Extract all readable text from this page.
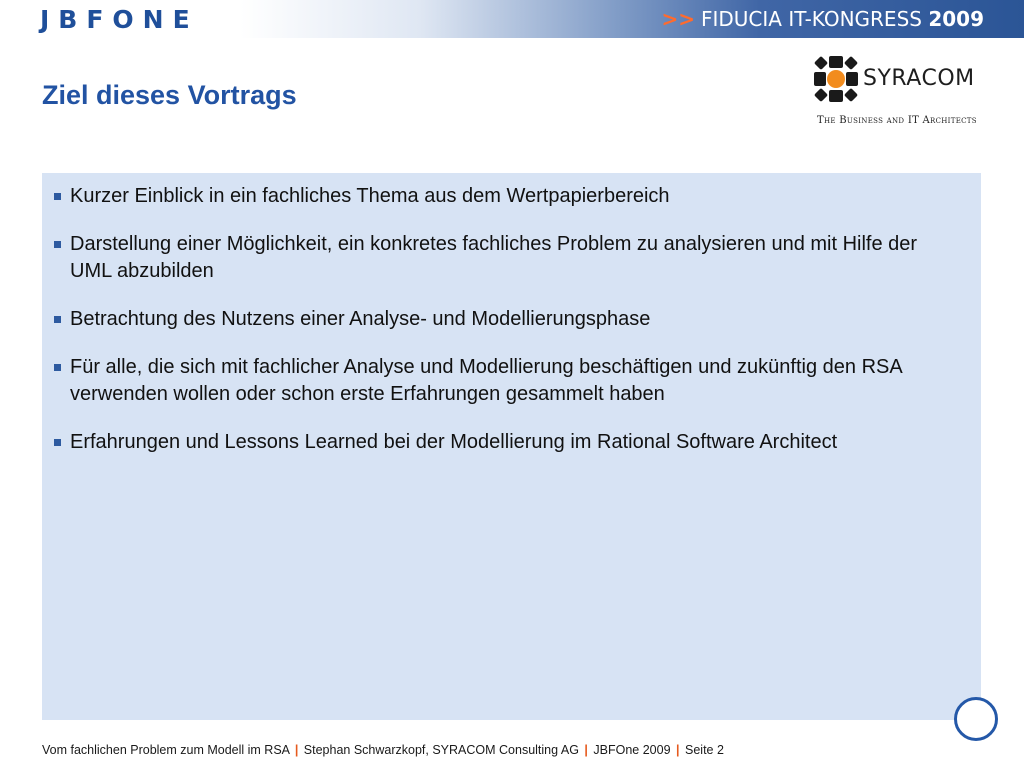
JBFONE	>> FIDUCIA IT-KONGRESS 2009
Ziel dieses Vortrags
SYRACOM
The Business and IT Architects
Kurzer Einblick in ein fachliches Thema aus dem Wertpapierbereich
Darstellung einer Möglichkeit, ein konkretes fachliches Problem zu analysieren und mit Hilfe der UML abzubilden
Betrachtung des Nutzens einer Analyse- und Modellierungsphase
Für alle, die sich mit fachlicher Analyse und Modellierung beschäftigen und zukünftig den RSA verwenden wollen oder schon erste Erfahrungen gesammelt haben
Erfahrungen und Lessons Learned bei der Modellierung im Rational Software Architect
Vom fachlichen Problem zum Modell im RSA | Stephan Schwarzkopf, SYRACOM Consulting AG | JBFOne 2009 | Seite 2
